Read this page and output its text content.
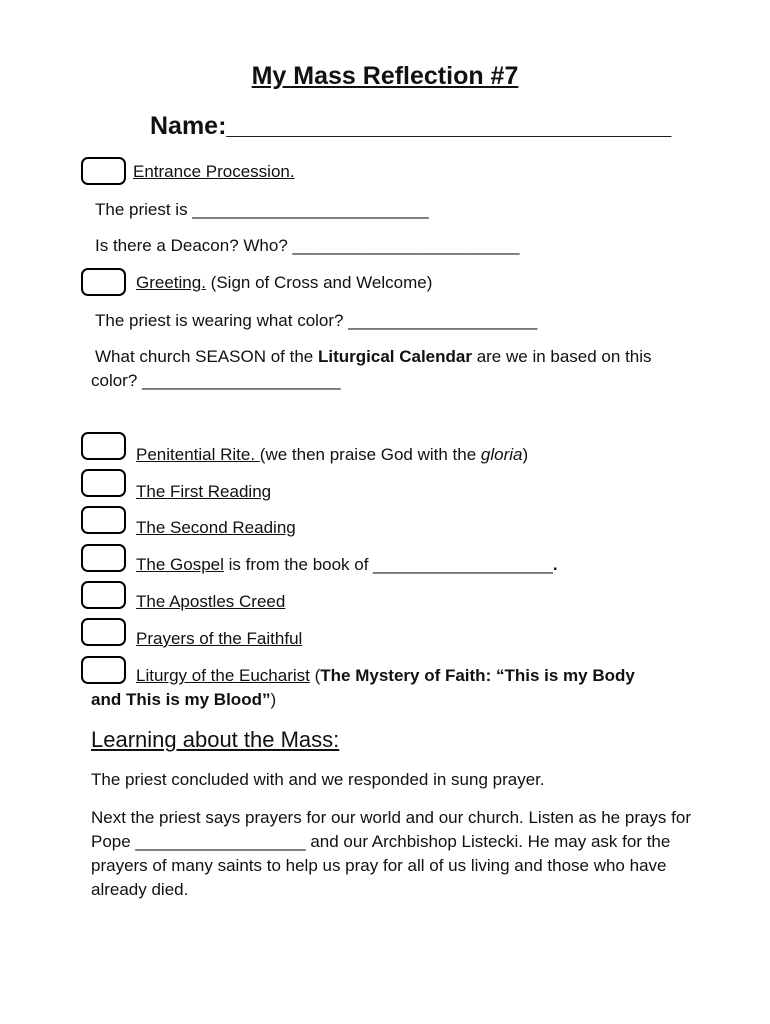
My Mass Reflection #7
Name:________________________________
Entrance Procession.
The priest is _________________________
Is there a Deacon? Who? ________________________
Greeting. (Sign of Cross and Welcome)
The priest is wearing what color? ____________________
What church SEASON of the Liturgical Calendar are we in based on this
color? _____________________
Penitential Rite. (we then praise God with the gloria)
The First Reading
The Second Reading
The Gospel is from the book of ___________________.
The Apostles Creed
Prayers of the Faithful
Liturgy of the Eucharist (The Mystery of Faith: “This is my Body
and This is my Blood”)
Learning about the Mass:
The priest concluded with and we responded in sung prayer.
Next the priest says prayers for our world and our church. Listen as he prays for Pope __________________ and our Archbishop Listecki. He may ask for the prayers of many saints to help us pray for all of us living and those who have already died.
